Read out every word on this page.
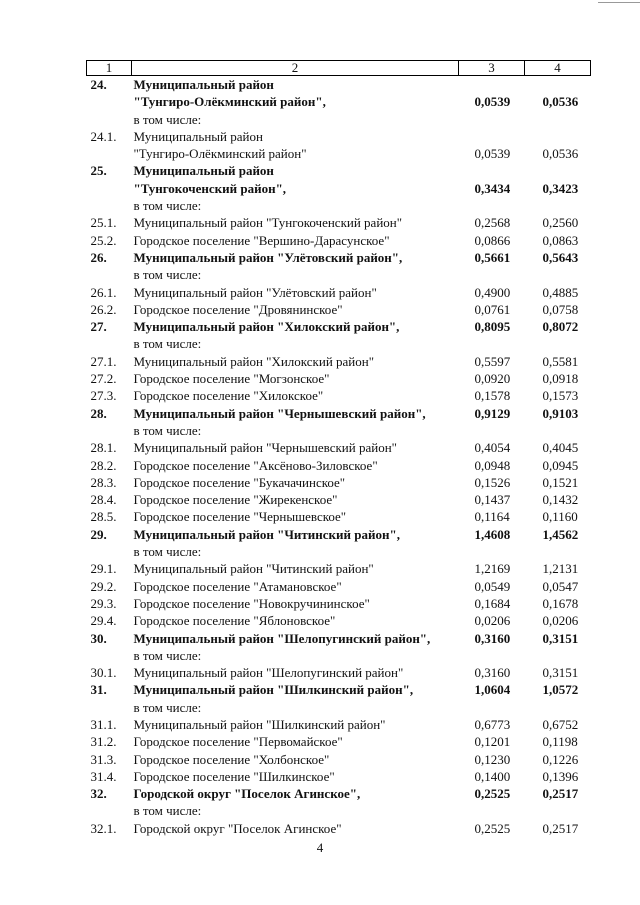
1	2	3	4
24.	Муниципальный район		
	"Тунгиро-Олёкминский район",	0,0539	0,0536
	в том числе:		
24.1.	Муниципальный район		
	"Тунгиро-Олёкминский район"	0,0539	0,0536
25.	Муниципальный район		
	"Тунгокоченский район",	0,3434	0,3423
	в том числе:		
25.1.	Муниципальный район "Тунгокоченский район"	0,2568	0,2560
25.2.	Городское поселение "Вершино-Дарасунское"	0,0866	0,0863
26.	Муниципальный район "Улётовский район",	0,5661	0,5643
	в том числе:		
26.1.	Муниципальный район "Улётовский район"	0,4900	0,4885
26.2.	Городское поселение "Дровянинское"	0,0761	0,0758
27.	Муниципальный район "Хилокский район",	0,8095	0,8072
	в том числе:		
27.1.	Муниципальный район "Хилокский район"	0,5597	0,5581
27.2.	Городское поселение "Могзонское"	0,0920	0,0918
27.3.	Городское поселение "Хилокское"	0,1578	0,1573
28.	Муниципальный район "Чернышевский район",	0,9129	0,9103
	в том числе:		
28.1.	Муниципальный район "Чернышевский район"	0,4054	0,4045
28.2.	Городское поселение "Аксёново-Зиловское"	0,0948	0,0945
28.3.	Городское поселение "Букачачинское"	0,1526	0,1521
28.4.	Городское поселение "Жирекенское"	0,1437	0,1432
28.5.	Городское поселение "Чернышевское"	0,1164	0,1160
29.	Муниципальный район "Читинский район",	1,4608	1,4562
	в том числе:		
29.1.	Муниципальный район "Читинский район"	1,2169	1,2131
29.2.	Городское поселение "Атамановское"	0,0549	0,0547
29.3.	Городское поселение "Новокручининское"	0,1684	0,1678
29.4.	Городское поселение "Яблоновское"	0,0206	0,0206
30.	Муниципальный район "Шелопугинский район",	0,3160	0,3151
	в том числе:		
30.1.	Муниципальный район "Шелопугинский район"	0,3160	0,3151
31.	Муниципальный район "Шилкинский район",	1,0604	1,0572
	в том числе:		
31.1.	Муниципальный район "Шилкинский район"	0,6773	0,6752
31.2.	Городское поселение "Первомайское"	0,1201	0,1198
31.3.	Городское поселение "Холбонское"	0,1230	0,1226
31.4.	Городское поселение "Шилкинское"	0,1400	0,1396
32.	Городской округ "Поселок Агинское",	0,2525	0,2517
	в том числе:		
32.1.	Городской округ "Поселок Агинское"	0,2525	0,2517
4
